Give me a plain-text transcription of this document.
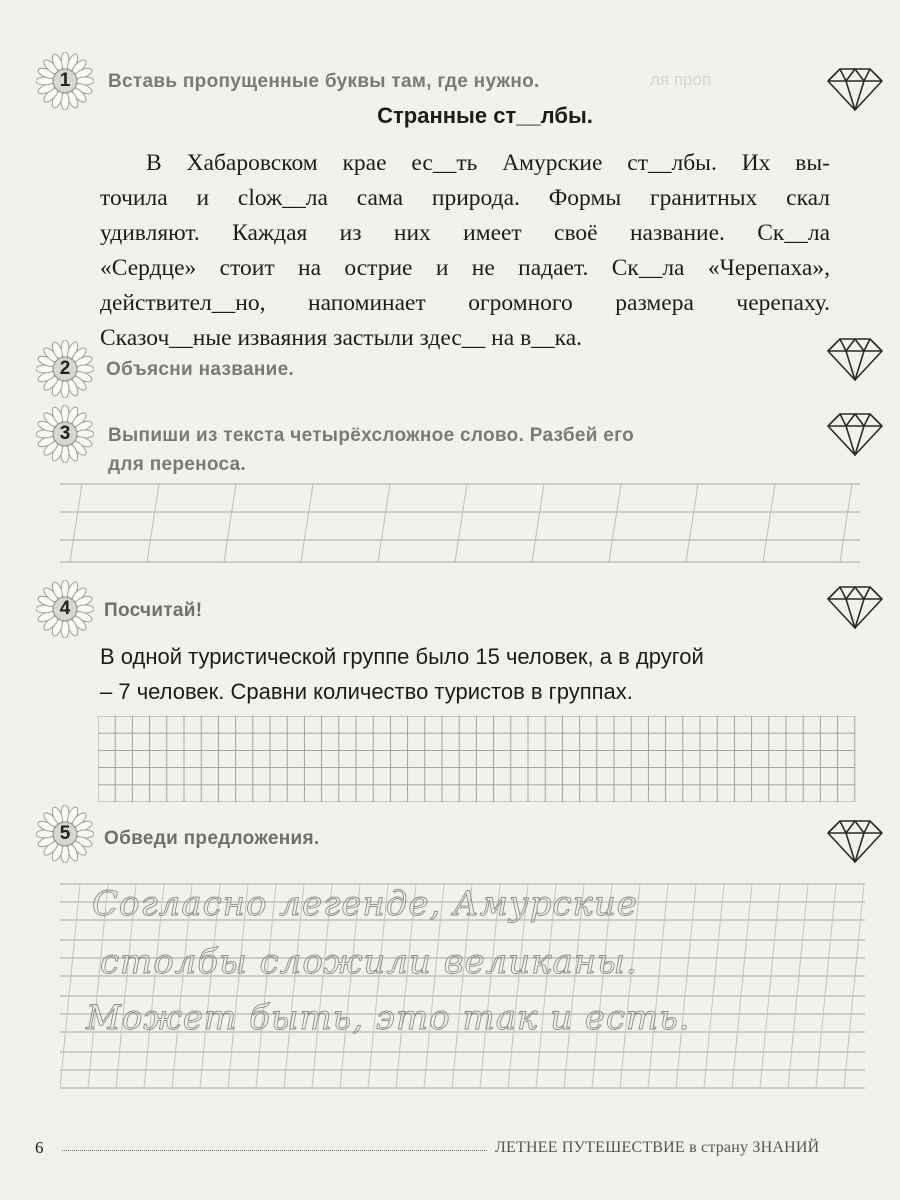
ля проп
1	Вставь пропущенные буквы там, где нужно.
Странные ст__лбы.
В Хабаровском крае ес__ть Амурские ст__лбы. Их вы-
точила и сlож__ла сама природа. Формы гранитных скал
удивляют. Каждая из них имеет своё название. Ск__ла
«Сердце» стоит на острие и не падает. Ск__ла «Черепаха»,
действител__но, напоминает огромного размера черепаху.
Сказоч__ные изваяния застыли здес__ на в__ка.
2	Объясни название.
3	Выпиши из текста четырёхсложное слово. Разбей его
для переноса.
4	Посчитай!
В одной туристической группе было 15 человек, а в другой
– 7 человек. Сравни количество туристов в группах.
5	Обведи предложения.
Согласно легенде, Амурские
столбы сложили великаны.
Может быть, это так и есть.
6	ЛЕТНЕЕ ПУТЕШЕСТВИЕ в страну ЗНАНИЙ
